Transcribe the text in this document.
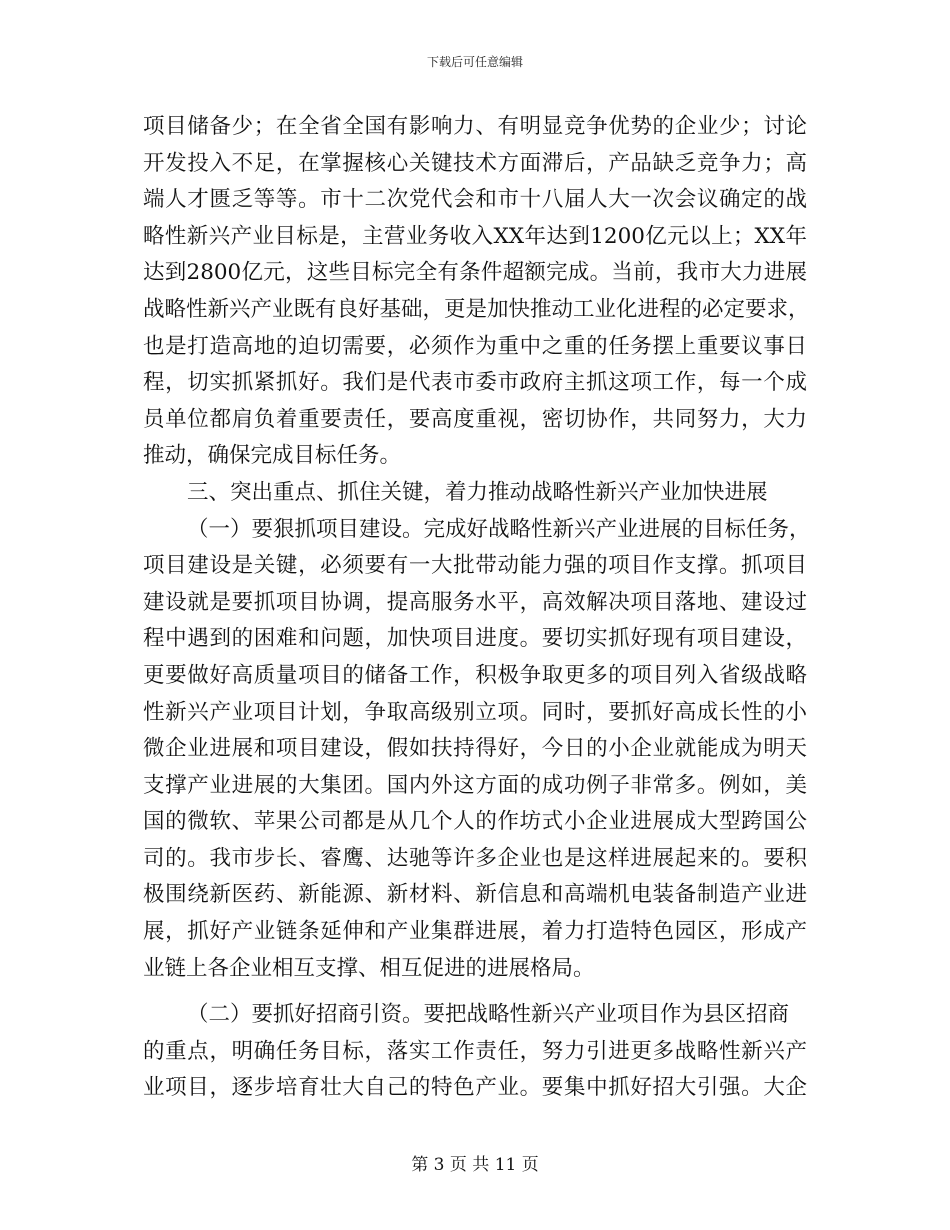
下载后可任意编辑
项目储备少；在全省全国有影响力、有明显竞争优势的企业少；讨论
开发投入不足，在掌握核心关键技术方面滞后，产品缺乏竞争力；高
端人才匮乏等等。市十二次党代会和市十八届人大一次会议确定的战
略性新兴产业目标是，主营业务收入XX年达到1200亿元以上；XX年
达到2800亿元，这些目标完全有条件超额完成。当前，我市大力进展
战略性新兴产业既有良好基础，更是加快推动工业化进程的必定要求，
也是打造高地的迫切需要，必须作为重中之重的任务摆上重要议事日
程，切实抓紧抓好。我们是代表市委市政府主抓这项工作，每一个成
员单位都肩负着重要责任，要高度重视，密切协作，共同努力，大力
推动，确保完成目标任务。
三、突出重点、抓住关键，着力推动战略性新兴产业加快进展
（一）要狠抓项目建设。完成好战略性新兴产业进展的目标任务，
项目建设是关键，必须要有一大批带动能力强的项目作支撑。抓项目
建设就是要抓项目协调，提高服务水平，高效解决项目落地、建设过
程中遇到的困难和问题，加快项目进度。要切实抓好现有项目建设，
更要做好高质量项目的储备工作，积极争取更多的项目列入省级战略
性新兴产业项目计划，争取高级别立项。同时，要抓好高成长性的小
微企业进展和项目建设，假如扶持得好，今日的小企业就能成为明天
支撑产业进展的大集团。国内外这方面的成功例子非常多。例如，美
国的微软、苹果公司都是从几个人的作坊式小企业进展成大型跨国公
司的。我市步长、睿鹰、达驰等许多企业也是这样进展起来的。要积
极围绕新医药、新能源、新材料、新信息和高端机电装备制造产业进
展，抓好产业链条延伸和产业集群进展，着力打造特色园区，形成产
业链上各企业相互支撑、相互促进的进展格局。
（二）要抓好招商引资。要把战略性新兴产业项目作为县区招商
的重点，明确任务目标，落实工作责任，努力引进更多战略性新兴产
业项目，逐步培育壮大自己的特色产业。要集中抓好招大引强。大企
第 3 页 共 11 页
